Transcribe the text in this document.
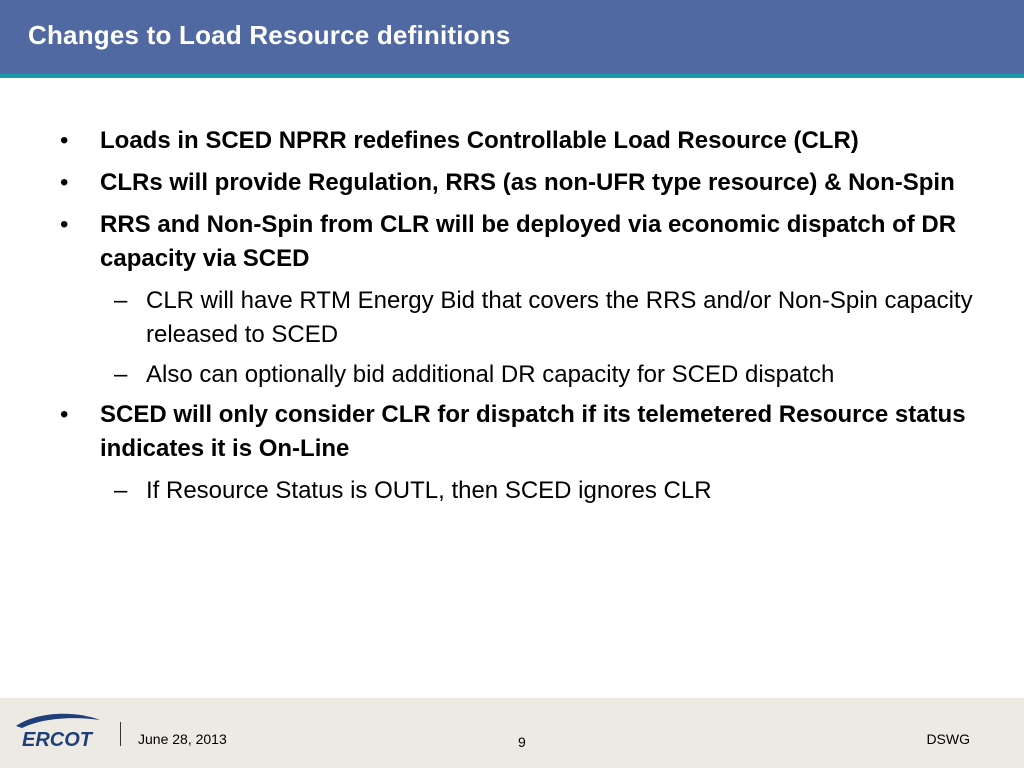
Changes to Load Resource definitions
• Loads in SCED NPRR redefines Controllable Load Resource (CLR)
• CLRs will provide Regulation, RRS (as non-UFR type resource) & Non-Spin
• RRS and Non-Spin from CLR will be deployed via economic dispatch of DR capacity via SCED
– CLR will have RTM Energy Bid that covers the RRS and/or Non-Spin capacity released to SCED
– Also can optionally bid additional DR capacity for SCED dispatch
• SCED will only consider CLR for dispatch if its telemetered Resource status indicates it is On-Line
– If Resource Status is OUTL, then SCED ignores CLR
ERCOT	June 28, 2013	9	DSWG
